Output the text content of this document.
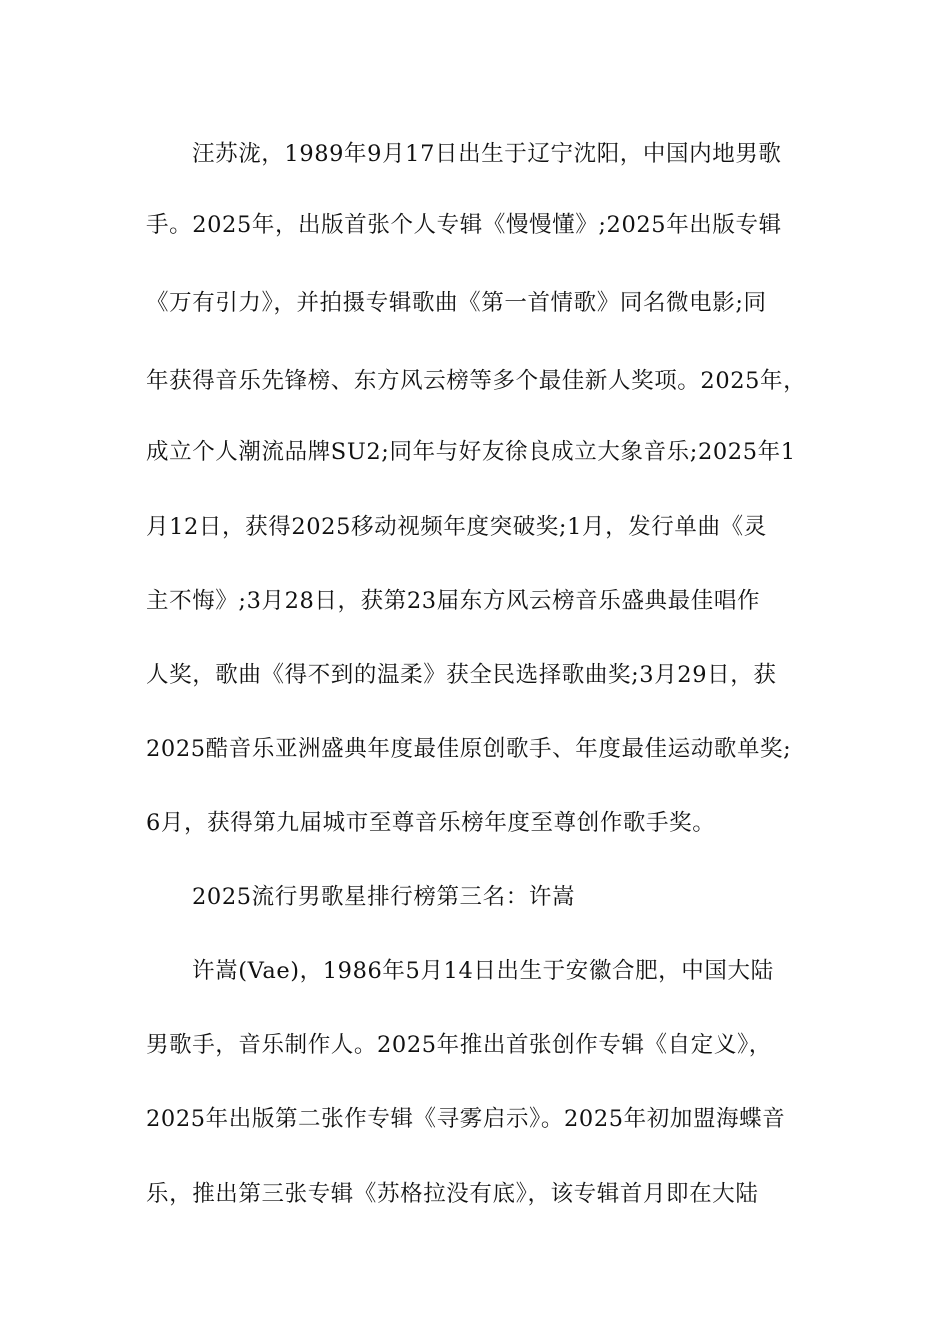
汪苏泷，1989年9月17日出生于辽宁沈阳，中国内地男歌
手。2025年，出版首张个人专辑《慢慢懂》;2025年出版专辑
《万有引力》，并拍摄专辑歌曲《第一首情歌》同名微电影;同
年获得音乐先锋榜、东方风云榜等多个最佳新人奖项。2025年，
成立个人潮流品牌SU2;同年与好友徐良成立大象音乐;2025年1
月12日，获得2025移动视频年度突破奖;1月，发行单曲《灵
主不悔》;3月28日，获第23届东方风云榜音乐盛典最佳唱作
人奖，歌曲《得不到的温柔》获全民选择歌曲奖;3月29日，获
2025酷音乐亚洲盛典年度最佳原创歌手、年度最佳运动歌单奖;
6月，获得第九届城市至尊音乐榜年度至尊创作歌手奖。
2025流行男歌星排行榜第三名：许嵩
许嵩(Vae)，1986年5月14日出生于安徽合肥，中国大陆
男歌手，音乐制作人。2025年推出首张创作专辑《自定义》，
2025年出版第二张作专辑《寻雾启示》。2025年初加盟海蝶音
乐，推出第三张专辑《苏格拉没有底》，该专辑首月即在大陆
